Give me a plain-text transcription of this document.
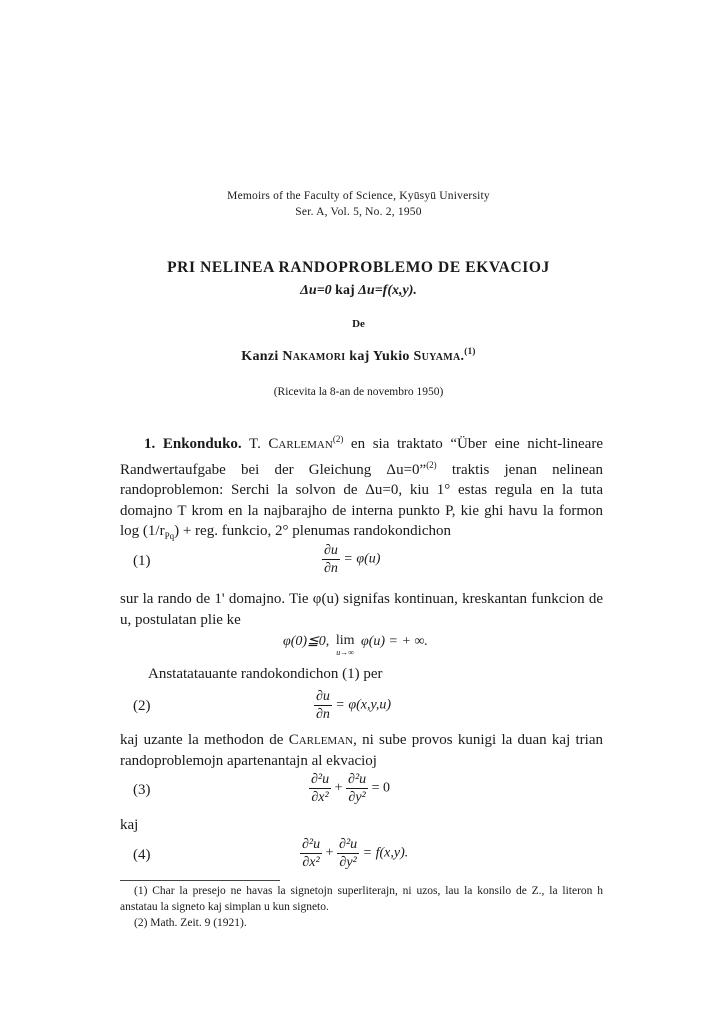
Memoirs of the Faculty of Science, Kyūsyū University
Ser. A, Vol. 5, No. 2, 1950
PRI NELINEA RANDOPROBLEMO DE EKVACIOJ
Δu=0 kaj Δu=f(x,y).
De
Kanzi Nakamori kaj Yukio Suyama.$^{(1)}$
(Ricevita la 8-an de novembro 1950)
1. Enkonduko. T. Carleman$^{(2)}$ en sia traktato “Über eine nicht-lineare Randwertaufgabe bei der Gleichung Δu=0”$^{(2)}$ traktis jenan nelinean randoproblemon: Serchi la solvon de Δu=0, kiu 1° estas regula en la tuta domajno T krom en la najbarajho de interna punkto P, kie ghi havu la formon $\log (1/r_{Pq})$ + reg. funkcio, 2° plenumas randokondichon
(1)	$\frac{\partial u}{\partial n} = \varphi(u)$
sur la rando de 1' domajno. Tie φ(u) signifas kontinuan, kreskantan funkcion de u, postulatan plie ke
φ(0)≦0, lim
u→∞
φ(u) = + ∞.
Anstatatauante randokondichon (1) per
(2)	$\frac{\partial u}{\partial n} = \varphi(x,y,u)$
kaj uzante la methodon de Carleman, ni sube provos kunigi la duan kaj trian randoproblemojn apartenantajn al ekvacioj
(3)	$\frac{\text{∂²u}}{\text{∂x²}} + \frac{\text{∂²u}}{\text{∂y²}} = 0$
kaj
(4)	$\frac{\text{∂²u}}{\text{∂x²}} + \frac{\text{∂²u}}{\text{∂y²}} = f(x,y)$.
(1) Char la presejo ne havas la signetojn superliterajn, ni uzos, lau la konsilo de Z., la literon h anstatau la signeto kaj simplan u kun signeto.
(2) Math. Zeit. 9 (1921).
